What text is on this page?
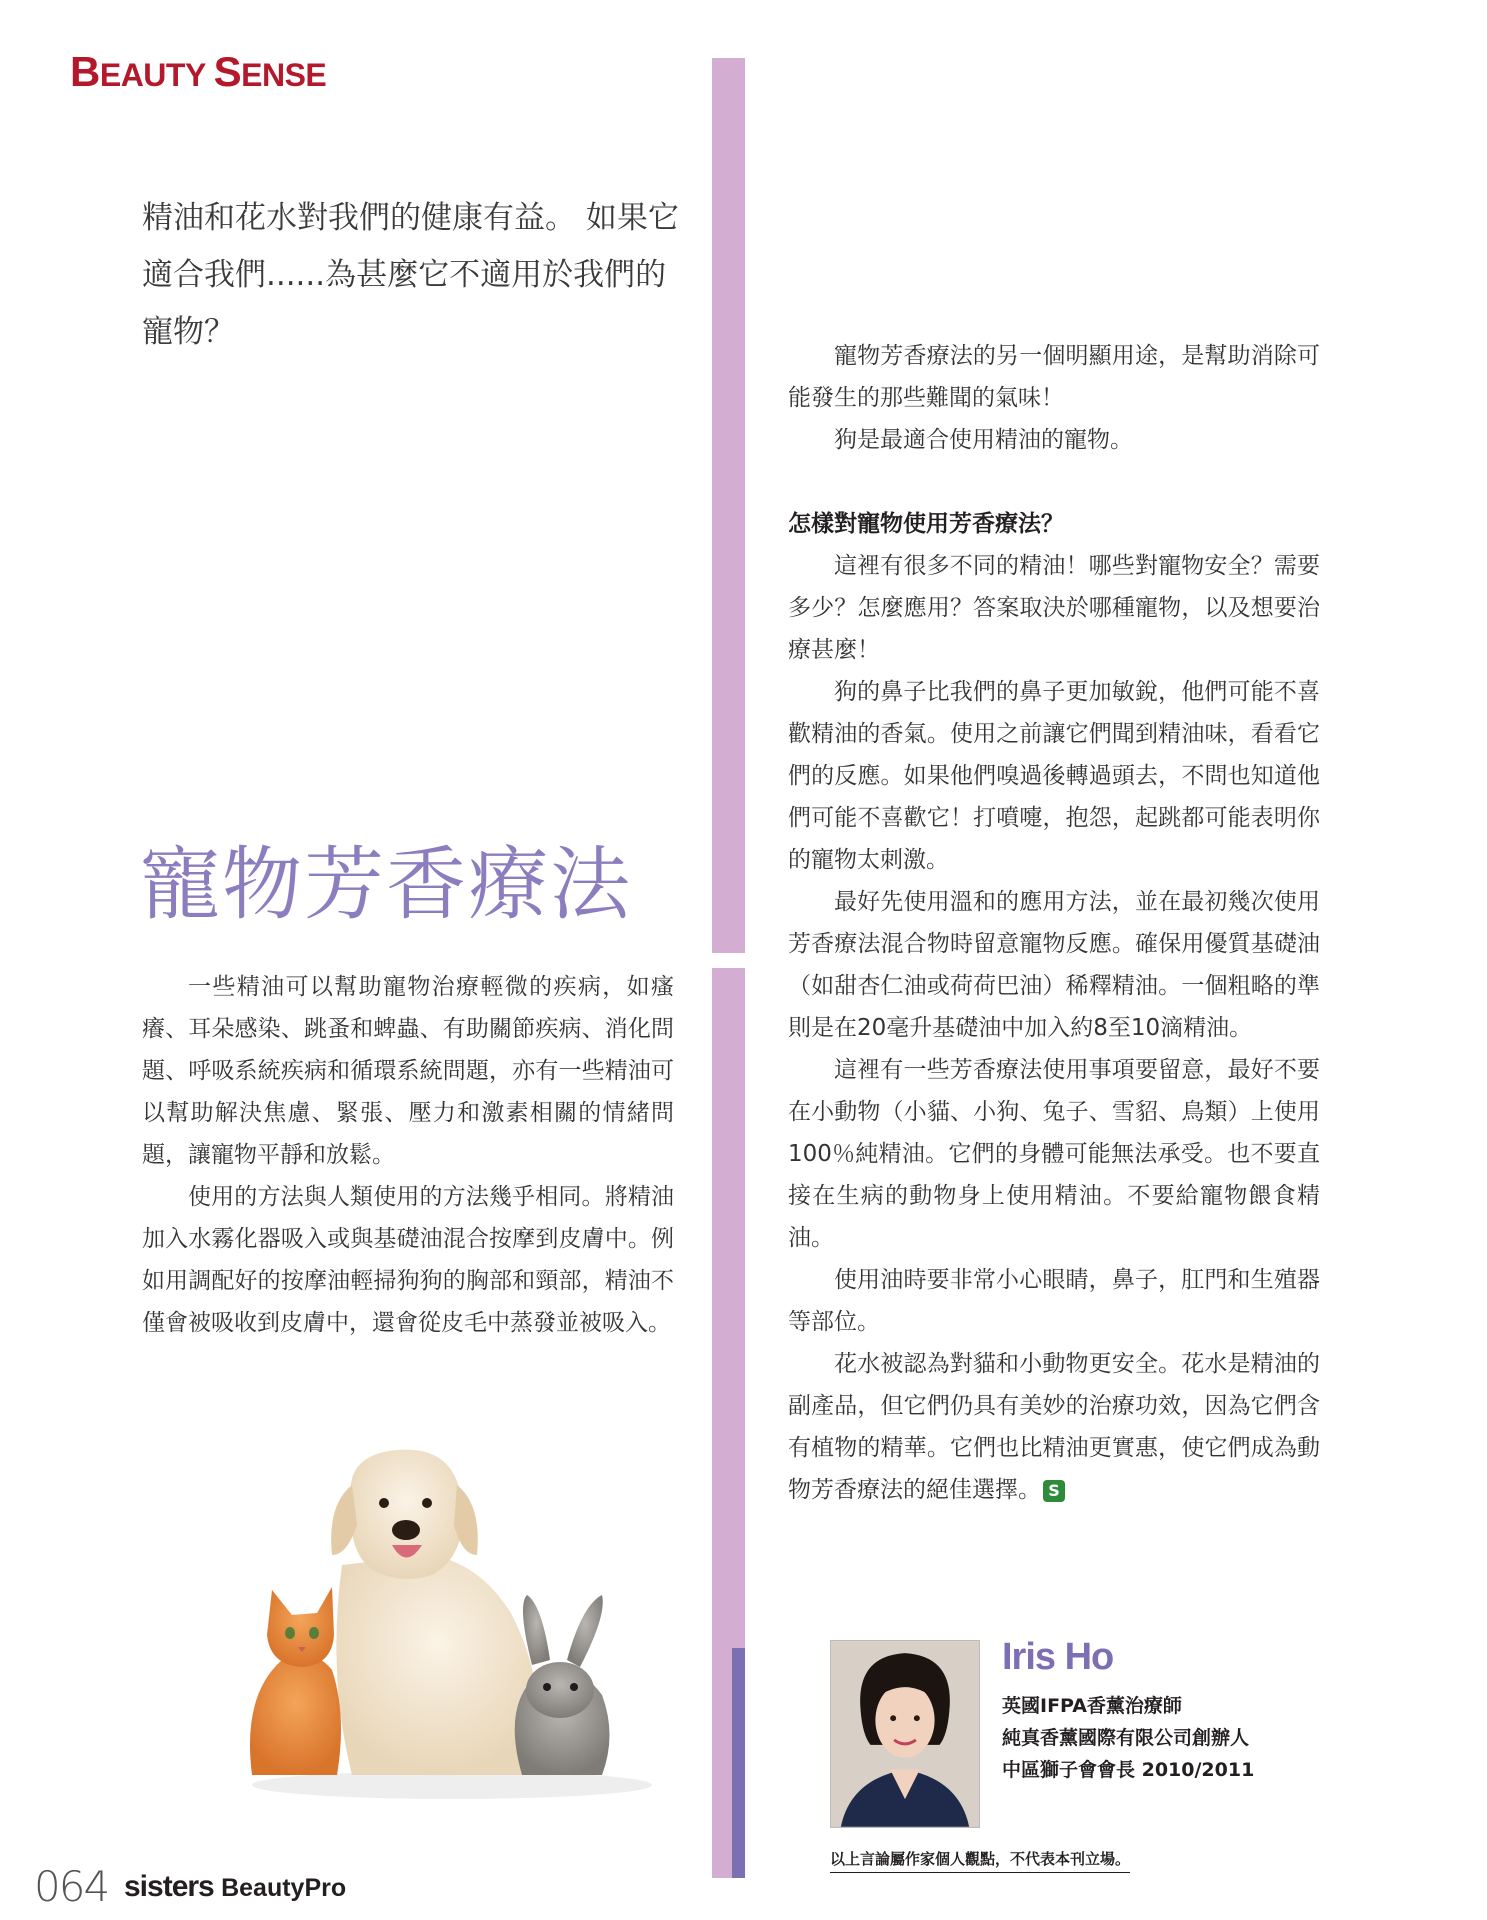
BEAUTY SENSE
精油和花水對我們的健康有益。 如果它
適合我們......為甚麼它不適用於我們的
寵物？
寵物芳香療法

一些精油可以幫助寵物治療輕微的疾病，如瘙癢、耳朵感染、跳蚤和蜱蟲、有助關節疾病、消化問題、呼吸系統疾病和循環系統問題，亦有一些精油可以幫助解決焦慮、緊張、壓力和激素相關的情緒問題，讓寵物平靜和放鬆。

使用的方法與人類使用的方法幾乎相同。將精油加入水霧化器吸入或與基礎油混合按摩到皮膚中。例如用調配好的按摩油輕掃狗狗的胸部和頸部，精油不僅會被吸收到皮膚中，還會從皮毛中蒸發並被吸入。

寵物芳香療法的另一個明顯用途，是幫助消除可能發生的那些難聞的氣味！

狗是最適合使用精油的寵物。

怎樣對寵物使用芳香療法？

這裡有很多不同的精油！哪些對寵物安全？需要多少？怎麼應用？答案取決於哪種寵物，以及想要治療甚麼！

狗的鼻子比我們的鼻子更加敏銳，他們可能不喜歡精油的香氣。使用之前讓它們聞到精油味，看看它們的反應。如果他們嗅過後轉過頭去，不問也知道他們可能不喜歡它！打噴嚏，抱怨，起跳都可能表明你的寵物太刺激。

最好先使用溫和的應用方法，並在最初幾次使用芳香療法混合物時留意寵物反應。確保用優質基礎油（如甜杏仁油或荷荷巴油）稀釋精油。一個粗略的準則是在20毫升基礎油中加入約8至10滴精油。

這裡有一些芳香療法使用事項要留意，最好不要在小動物（小貓、小狗、兔子、雪貂、鳥類）上使用100％純精油。它們的身體可能無法承受。也不要直接在生病的動物身上使用精油。不要給寵物餵食精油。

使用油時要非常小心眼睛，鼻子，肛門和生殖器等部位。

花水被認為對貓和小動物更安全。花水是精油的副產品，但它們仍具有美妙的治療功效，因為它們含有植物的精華。它們也比精油更實惠，使它們成為動物芳香療法的絕佳選擇。 S

Iris Ho
英國IFPA香薰治療師
純真香薰國際有限公司創辦人
中區獅子會會長 2010/2011
以上言論屬作家個人觀點，不代表本刊立場。
064 sisters BeautyPro
